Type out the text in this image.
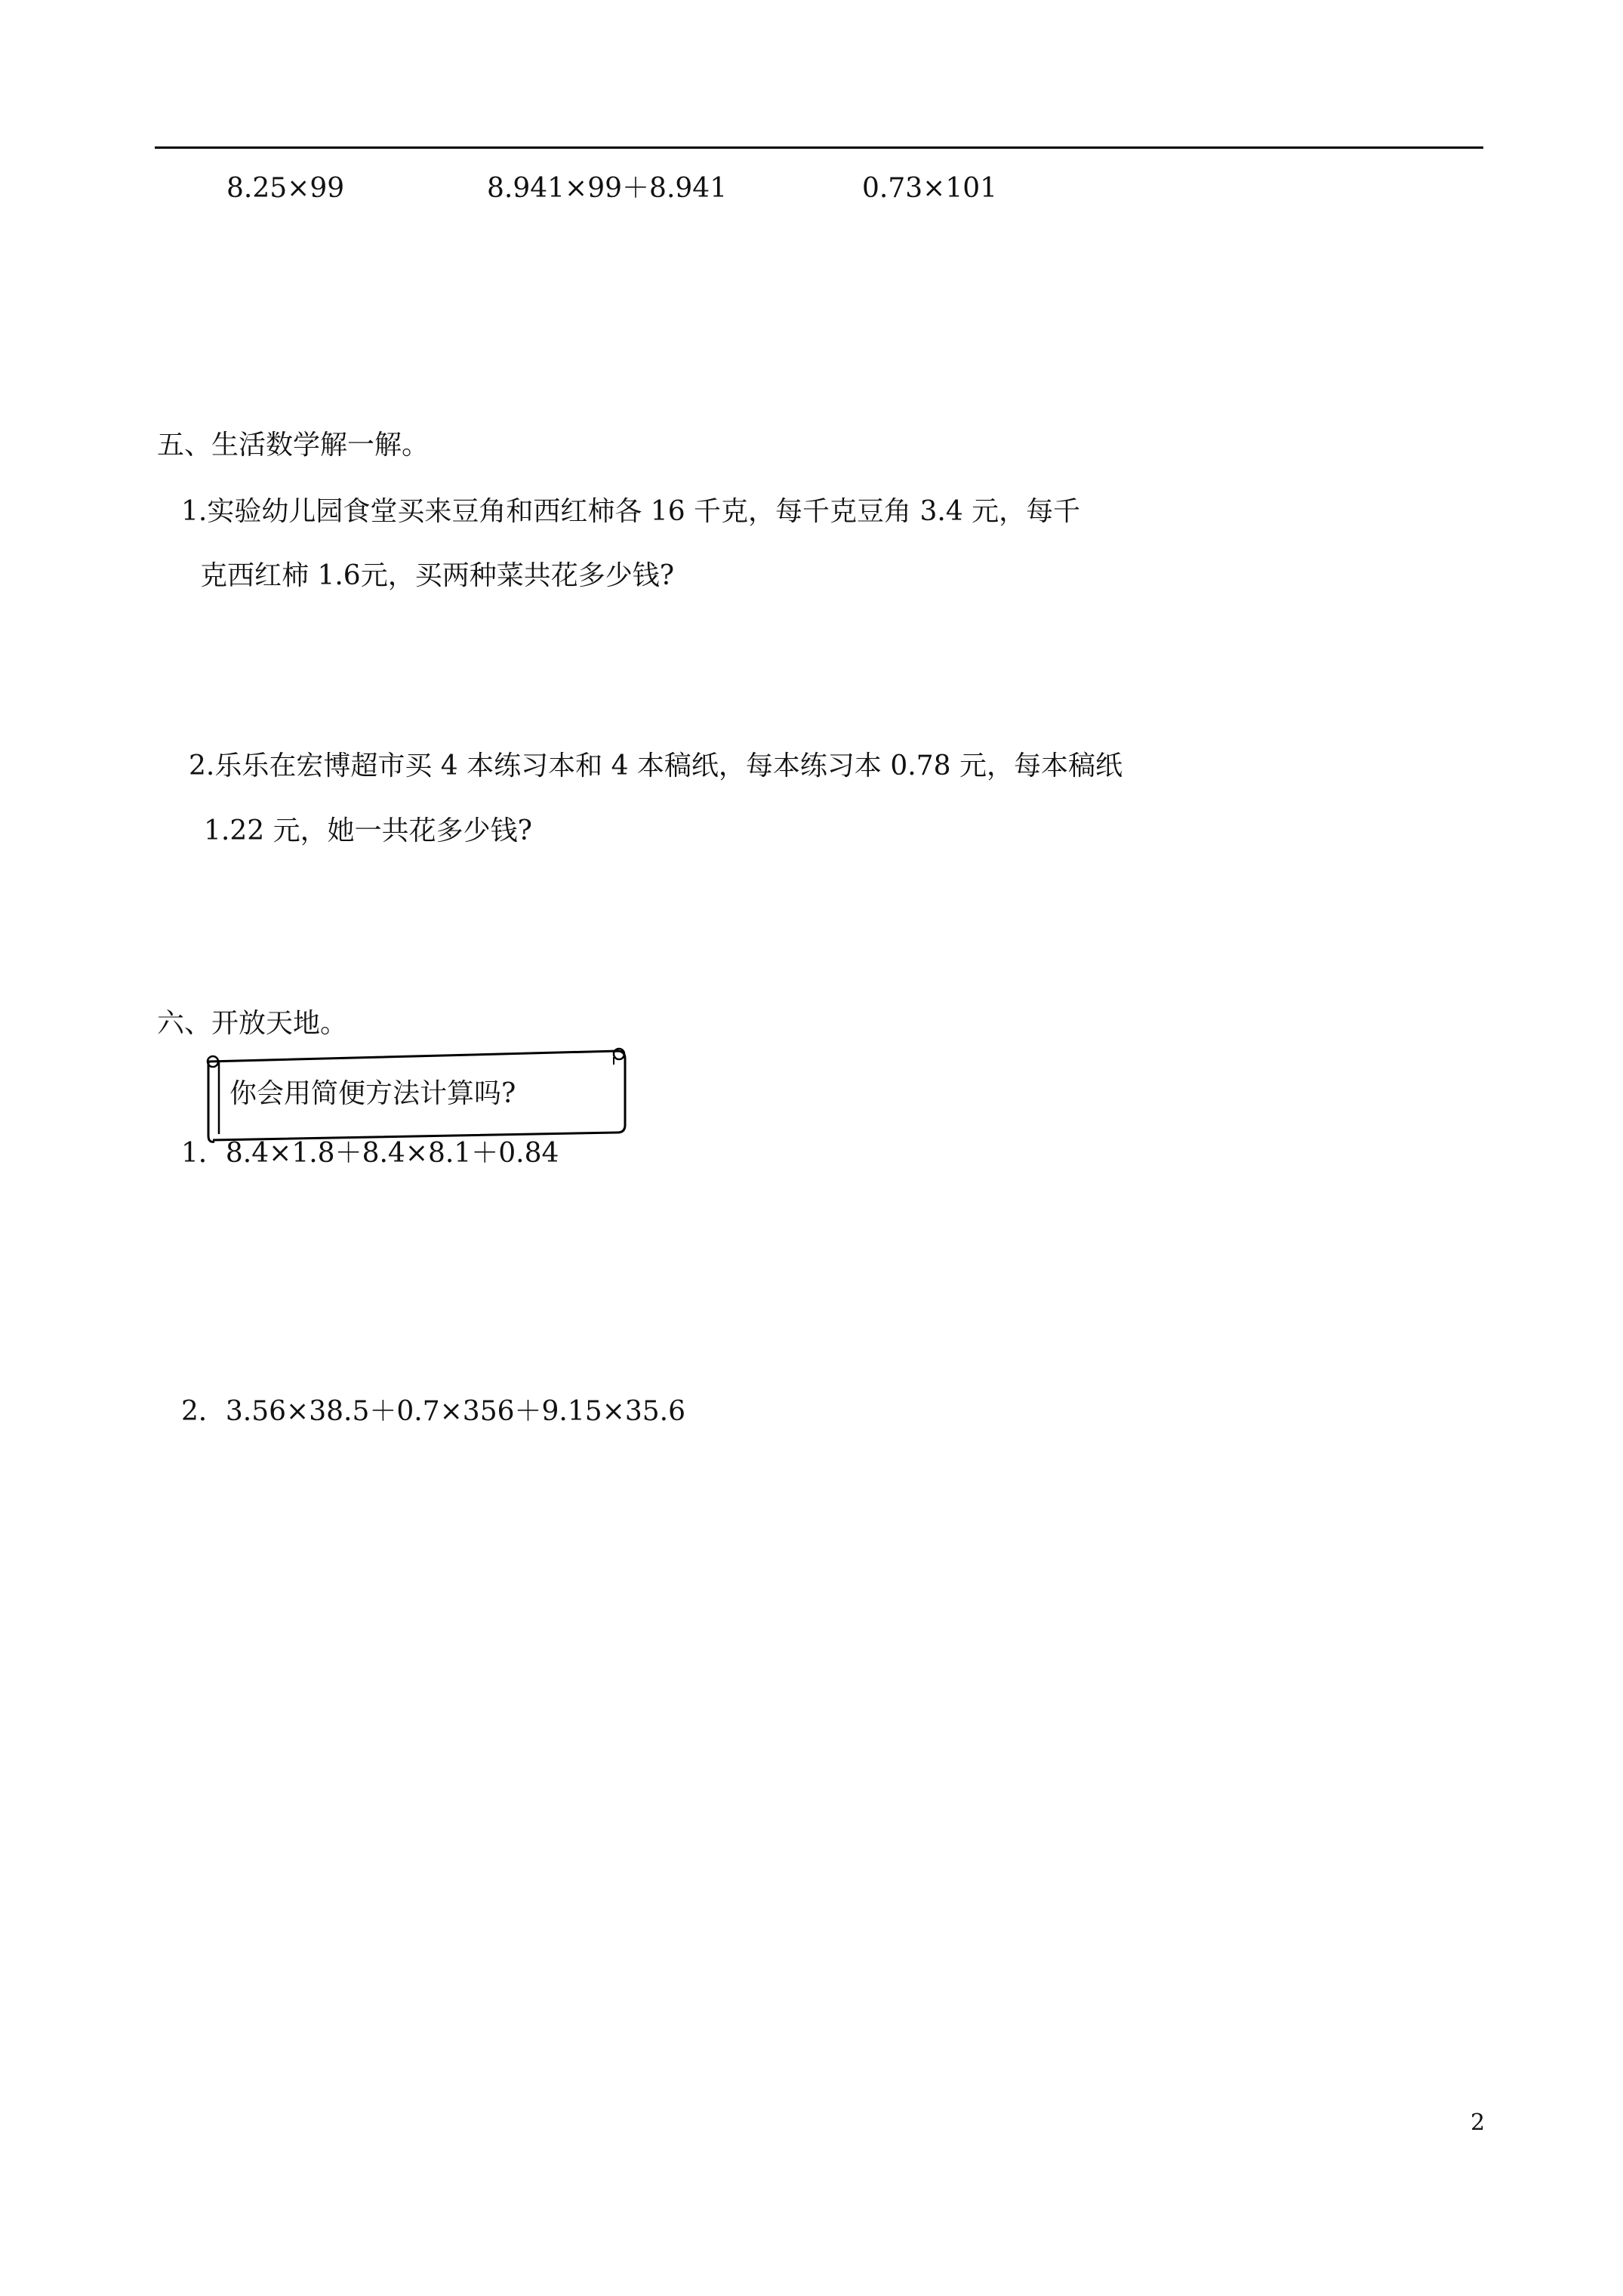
8.25×99	8.941×99＋8.941	0.73×101
五、生活数学解一解。
1.实验幼儿园食堂买来豆角和西红柿各 16 千克，每千克豆角 3.4 元，每千
克西红柿 1.6元，买两种菜共花多少钱?
2.乐乐在宏博超市买 4 本练习本和 4 本稿纸，每本练习本 0.78 元，每本稿纸
1.22 元，她一共花多少钱?
六、开放天地。
你会用简便方法计算吗?
1．8.4×1.8＋8.4×8.1＋0.84
2．3.56×38.5＋0.7×356＋9.15×35.6
2
